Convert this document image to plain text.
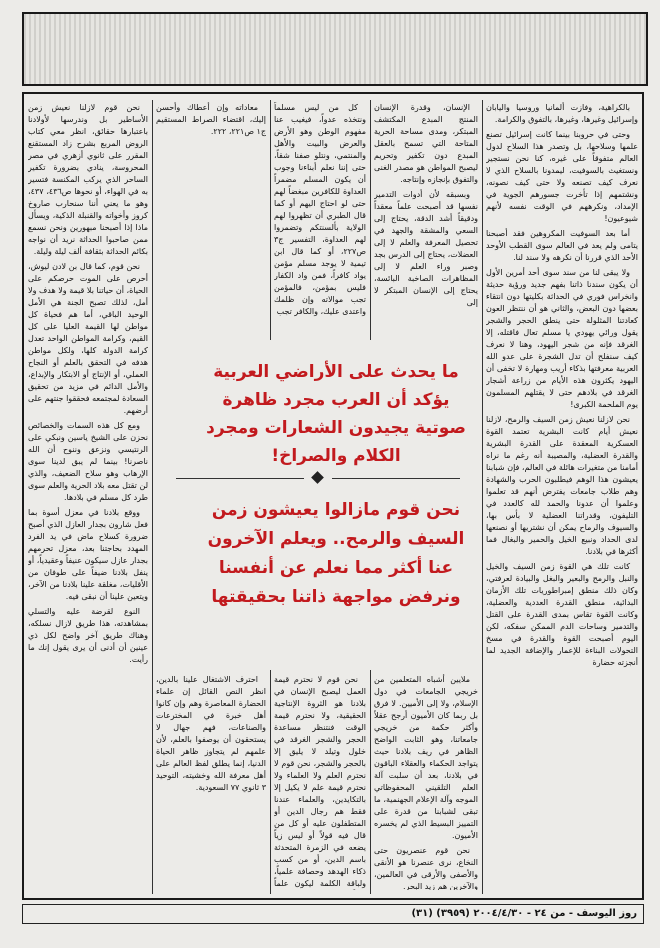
بالكراهية، وفازت ألمانيا وروسيا واليابان وإسرائيل وغيرها، وغيرها، بالتفوق والكرامة.

وحتى في حروبنا بينما كانت إسرائيل تصنع علمها وسلاحها، بل وتصدر هذا السلاح لدول العالم متفوقاً على غيره، كنا نحن نستجير ونستغيث بالسوفيت، ليمدونا بالسلاح الذي لا نعرف كيف تصنعه ولا حتى كيف نصونه، ونشتمهم إذا تأخرت جسورهم الجوية في الإمداد، ونكرههم في الوقت نفسه لأنهم شيوعيون!

أما بعد السوفيت المكروهين فقد أصبحنا يتامى ولم يعد في العالم سوى القطب الأوحد الأحد الذي قررنا أن نكرهه ولا سند لنا.

ولا يبقى لنا من سند سوى أحد أمرين الأول أن يكون سندنا ذاتنا بفهم جديد ورؤية حديثة وانخراس فوري في الحداثة بكليتها دون انتقاء بعضها دون البعض، والثاني هو أن ننتظر العون كعادتنا المثلولة حتى ينطق الحجر والشجر يقول ورائي يهودي يا مسلم تعال فاقتله، إلا الغرقد فإنه من شجر اليهود، وهنا لا نعرف كيف سنفلح أن تدل الشجرة على عدو الله العربية معرفتها بذكاء أريب ومهارة لا تخفى أن اليهود يكثرون هذه الأيام من زراعة أشجار الغرقد في بلادهم حتى لا يقتلهم المسلمون يوم الملحمة الكبرى!

نحن لازلنا نعيش زمن السيف والرمح، لازلنا نعيش أيام كانت البشرية تعتمد القوة العسكرية المعقدة على القدرة البشرية والقدرة العضلية، والمصيبة أنه رغم ما نراه أمامنا من متغيرات هائلة في العالم، فإن شبابنا يعيشون هذا الوهم فيطلبون الحرب والشهادة وهم طلاب جامعات يفترض أنهم قد تعلموا وعلموا أن عدونا والحمد لله كالعدد في التليفون، وقدراتنا العضلية لا بأس بها، والسيوف والرماح يمكن أن نشتريها أو نصنعها لدى الحداد ونبيع الخيل والحمير والبغال فما أكثرها في بلادنا.

كانت تلك هي القوة زمن السيف والخيل والنبل والرمح والبعير والبغل والبيادة لعرفتي، وكان ذلك منطق إمبراطوريات تلك الأزمان البدائية، منطق القدرة العددية والعضلية، وكانت القوة تقاس بمدى القدرة على القتل والتدمير وساحات الدم الممكن سفكه، لكن اليوم أصبحت القوة والقدرة في مسخ التحولات البناءة للإعمار والإضافة الجديد لما أنجزته حضارة

الإنسان، وقدرة الإنسان المنتج المبدع المكتشف المبتكر، ومدى مساحة الحرية المتاحة التي تسمح بالعقل المبدع دون تكفير وتحريم ليصبح المواطن هو مصدر الغنى والتفوق بإنجازه وإنتاجه.

وبسبقه لأن أدوات التدمير نفسها قد أصبحت علماً معقداً ودقيقاً أشد الدقة، يحتاج إلى السعي والمشقة والجهد في تحصيل المعرفة والعلم لا إلى العضلات، يحتاج إلى الدرس بجد وصبر وراء العلم لا إلى المظاهرات الصاخبة البائسة، يحتاج إلى الإنسان المبتكر لا إلى

كل من ليس مسلماً ونتخذه عدواً، فيغيب عنا مفهوم الوطن وهو الأرض والعرض والبيت والأهل والمنتمي، ونتلو صفنا شقاً، حتى إننا نعلم أبناءنا وجوب أن يكون المسلم مضمراً العداوة للكافرين مبغضاً لهم حتى لو احتاج اليهم أو كما قال الطبري أن تظهروا لهم الولاية بألسنتكم وتضمروا لهم العداوة، التفسير ج٣ ص٢٢٧، أو كما قال ابن تيمية لا يوجد مسلم مؤمن يواد كافراً، فمن واد الكفار فليس بمؤمن، فالمؤمن تجب موالاته وإن ظلمك واعتدى عليك، والكافر تجب

معاداته وإن أعطاك وأحسن إليك، اقتضاء الصراط المستقيم ج١ ص٢٢١، ٢٢٢.

ما يحدث على الأراضي العربية يؤكد أن العرب مجرد ظاهرة صوتية يجيدون الشعارات ومجرد الكلام والصراخ!
نحن قوم مازالوا يعيشون زمن السيف والرمح.. ويعلم الآخرون عنا أكثر مما نعلم عن أنفسنا ونرفض مواجهة ذاتنا بحقيقتها

ملايين أشباه المتعلمين من خريجي الجامعات في دول الإسلام، ولا إلى الأميين. لا فرق بل ربما كان الأميون أرجح عقلاً وأكثر حكمة من خريجي جامعاتنا، وهو الثابت الواضح الظاهر في ريف بلادنا حيث يتواجد الحكماء والعقلاء الباقون في بلادنا، بعد أن سلبت آلة العلم التلقيني المحفوظاتي الموجه وآلة الإعلام الجهنمية، ما تبقى لشبابنا من قدرة على التمييز البسيط الذي لم يخسره الأميون.

نحن قوم عنصريون حتى النخاع، نرى عنصرنا هو الأنقى والأصفى والأرقى في العالمين، والآخرين هم زيد البحر.

نحن قوم لا نحترم قيمة العمل ليصبح الإنسان في بلادنا هو الثروة الإنتاجية الحقيقية، ولا نحترم قيمة الوقت فنتنظر مساعدة الحجر والشجر الغرقد في خلول وتيلد لا يليق إلا بالحجر والشجر، نحن قوم لا نحترم العلم ولا العلماء ولا نحترم قيمة علم لا يكيل إلا بالتكايدين، والعلماء عندنا فقط هم رجال الدين أو المتطفلون عليه أو كل من قال فيه قولاً أو ليس زياً يضعه في الزمرة المتحدثة باسم الدين، أو من كسب ذكاء الهدهد وحصافة علمياً، ولباقة الكلمة ليكون علماً

احترف الاشتغال علينا بالدين، انظر النص القائل إن علماء الحضارة المعاصرة وهم وإن كانوا أهل خبرة في المخترعات والصناعات، فهم جهال لا يستحقون أن يوصفوا بالعلم، لأن علمهم لم يتجاوز ظاهر الحياة الدنيا، إنما يطلق لفظ العالم على أهل معرفة الله وخشيته، التوحيد ٣ ثانوي ٧٧ السعودية.

نحن قوم لازلنا نعيش زمن الأساطير بل وندرسها لأولادنا باعتبارها حقائق، انظر معي كتاب الروض المربع بشرح زاد المستقنع المقرر على ثانوي أزهري في مصر المحروسة، ينادي بضرورة تكفير الساحر الذي يركب المكنسة فتسير به في الهواء، أو نحوها ص٤٣٦، ٤٣٧، وهو ما يعني أننا سنحارب صاروخ كروز وأخواته والقنبلة الذكية، ويسأل ماذا إذا أصبحنا مبهورين ونحن نسمع ممن صاحبوا الحداثة نريد أن نواجه بكائم الحداثة بثقافة ألف ليلة وليلة.

نحن قوم، كما قال بن لادن ليوش، أحرص على الموت حرصكم على الحياة، أن حياتنا بلا قيمة ولا هدف ولا أمل، لذلك تصبح الجنة هي الأمل الوحيد الباقي، أما هم فحياة كل مواطن لها القيمة العليا على كل القيم، وكرامة المواطن الواحد تعدل كرامة الدولة كلها، ولكل مواطن هدفه في التحقق بالعلم أو النجاح العملي، أو الإنتاج أو الابتكار والإبداع، والأمل الدائم في مزيد من تحقيق السعادة لمجتمعه فحققوا جنتهم على أرضهم.

ومع كل هذه السمات والخصائص نحزن على الشيخ ياسين ونبكي على الرنتيسي ونزعق وننوح أن الله ناصرنا! بينما لم يبق لدينا سوى الإرهاب وهو سلاح الضعيف، والذي لن تقتل معه بلاد الحرية والعلم سوى طرد كل مسلم في بلادها.

ووقع بلادنا في معزل أسوة بما فعل شارون بجدار العازل الذي أصبح ضرورة كسلاح ماض في يد الفرد المهدد بحاجتنا بعد، معزل تحرمهم بجدار عازل سيكون عنيفاً وعقيدياً، أو ينفل بلادنا ضيفاً على طوفان من الأقليات، مغلقة علينا بلادنا من الآخر، ويتعين علينا أن نبقى فيه.

النوع لقرضة عليه والتسلي بمشاهدته، هذا طريق لازال نسلكه، وهناك طريق آخر واضح لكل ذي عينين أن أدنى أن يرى يقول إنك ما رأيت.

روز اليوسف - من ٢٤ - ٢٠٠٤/٤/٣٠ (٣٩٥٩) (٣١)
